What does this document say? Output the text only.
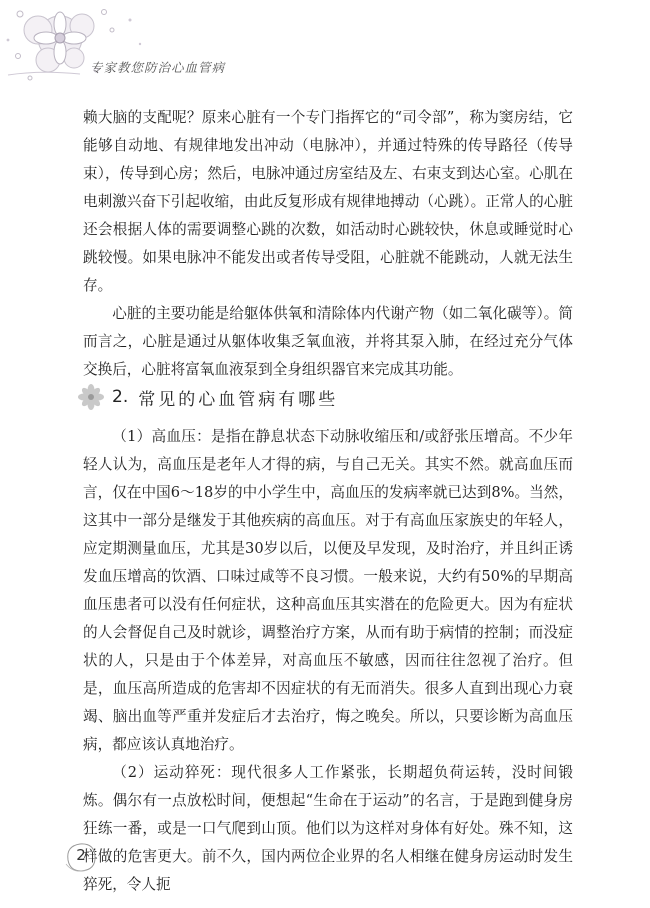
专家教您防治心血管病

赖大脑的支配呢？原来心脏有一个专门指挥它的“司令部”，称为窦房结，它能够自动地、有规律地发出冲动（电脉冲），并通过特殊的传导路径（传导束），传导到心房；然后，电脉冲通过房室结及左、右束支到达心室。心肌在电刺激兴奋下引起收缩，由此反复形成有规律地搏动（心跳）。正常人的心脏还会根据人体的需要调整心跳的次数，如活动时心跳较快，休息或睡觉时心跳较慢。如果电脉冲不能发出或者传导受阻，心脏就不能跳动，人就无法生存。

心脏的主要功能是给躯体供氧和清除体内代谢产物（如二氧化碳等）。简而言之，心脏是通过从躯体收集乏氧血液，并将其泵入肺，在经过充分气体交换后，心脏将富氧血液泵到全身组织器官来完成其功能。

2. 常见的心血管病有哪些

（1）高血压：是指在静息状态下动脉收缩压和/或舒张压增高。不少年轻人认为，高血压是老年人才得的病，与自己无关。其实不然。就高血压而言，仅在中国6～18岁的中小学生中，高血压的发病率就已达到8%。当然，这其中一部分是继发于其他疾病的高血压。对于有高血压家族史的年轻人，应定期测量血压，尤其是30岁以后，以便及早发现，及时治疗，并且纠正诱发血压增高的饮酒、口味过咸等不良习惯。一般来说，大约有50%的早期高血压患者可以没有任何症状，这种高血压其实潜在的危险更大。因为有症状的人会督促自己及时就诊，调整治疗方案，从而有助于病情的控制；而没症状的人，只是由于个体差异，对高血压不敏感，因而往往忽视了治疗。但是，血压高所造成的危害却不因症状的有无而消失。很多人直到出现心力衰竭、脑出血等严重并发症后才去治疗，悔之晚矣。所以，只要诊断为高血压病，都应该认真地治疗。

（2）运动猝死：现代很多人工作紧张，长期超负荷运转，没时间锻炼。偶尔有一点放松时间，便想起“生命在于运动”的名言，于是跑到健身房狂练一番，或是一口气爬到山顶。他们以为这样对身体有好处。殊不知，这样做的危害更大。前不久，国内两位企业界的名人相继在健身房运动时发生猝死，令人扼

2
